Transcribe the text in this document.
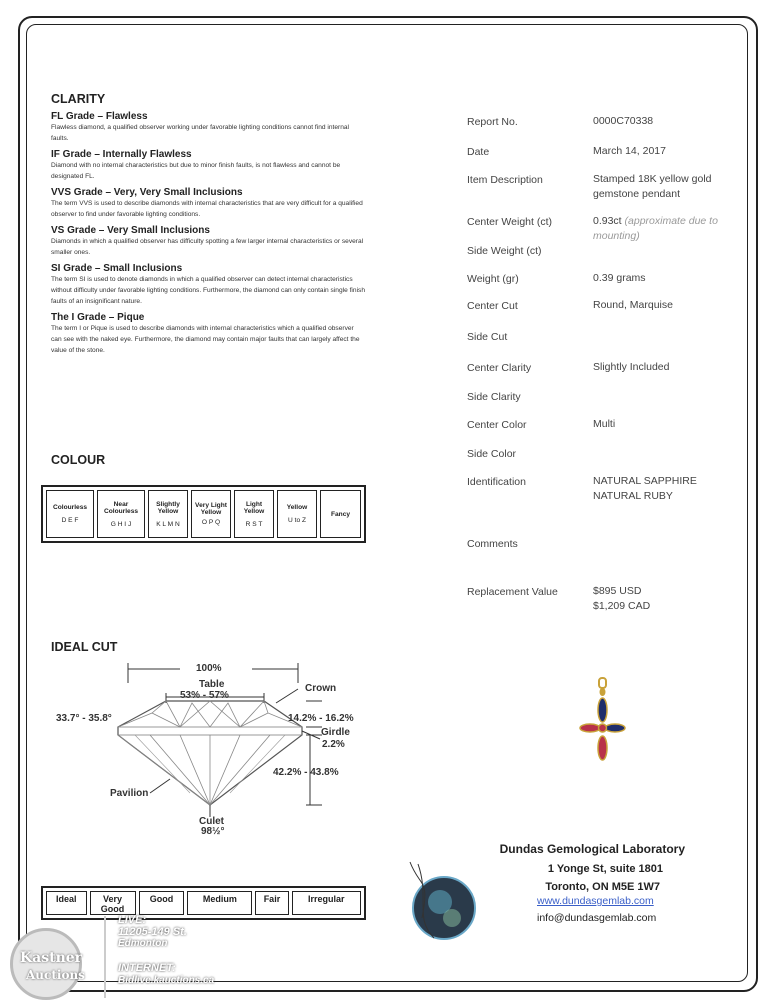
CLARITY
FL Grade – Flawless
Flawless diamond, a qualified observer working under favorable lighting conditions cannot find internal faults.
IF Grade – Internally Flawless
Diamond with no internal characteristics but due to minor finish faults, is not flawless and cannot be designated FL.
VVS Grade – Very, Very Small Inclusions
The term VVS is used to describe diamonds with internal characteristics that are very difficult for a qualified observer to find under favorable lighting conditions.
VS Grade – Very Small Inclusions
Diamonds in which a qualified observer has difficulty spotting a few larger internal characteristics or several smaller ones.
SI Grade – Small Inclusions
The term SI is used to denote diamonds in which a qualified observer can detect internal characteristics without difficulty under favorable lighting conditions. Furthermore, the diamond can only contain single finish faults of an insignificant nature.
The I Grade – Pique
The term I or Pique is used to describe diamonds with internal characteristics which a qualified observer can see with the naked eye. Furthermore, the diamond may contain major faults that can largely affect the value of the stone.
COLOUR
Colourless
D E F

Near Colourless
G H I J

Slightly Yellow
K L M N

Very Light Yellow
O P Q

Light Yellow
R S T

Yellow
U to Z

Fancy
IDEAL CUT
100%
Table
53% - 57%
Crown
33.7° - 35.8°	14.2% - 16.2%
Girdle
2.2%
42.2% - 43.8%
Pavilion
Culet
98½°
Ideal	Very Good	Good	Medium	Fair	Irregular
Report No.	0000C70338
Date	March 14, 2017
Item Description	Stamped 18K yellow gold gemstone pendant
Center Weight (ct)	0.93ct (approximate due to mounting)
Side Weight (ct)
Weight (gr)	0.39 grams
Center Cut	Round, Marquise
Side Cut
Center Clarity	Slightly Included
Side Clarity
Center Color	Multi
Side Color
Identification	NATURAL SAPPHIRE
NATURAL RUBY
Comments
Replacement Value	$895 USD
$1,209 CAD
Dundas Gemological Laboratory
1 Yonge St, suite 1801
Toronto, ON M5E 1W7
www.dundasgemlab.com
info@dundasgemlab.com
Kastner
Auctions
LIVE:
11205-149 St.
Edmonton
INTERNET:
Bidlive.kauctions.ca
